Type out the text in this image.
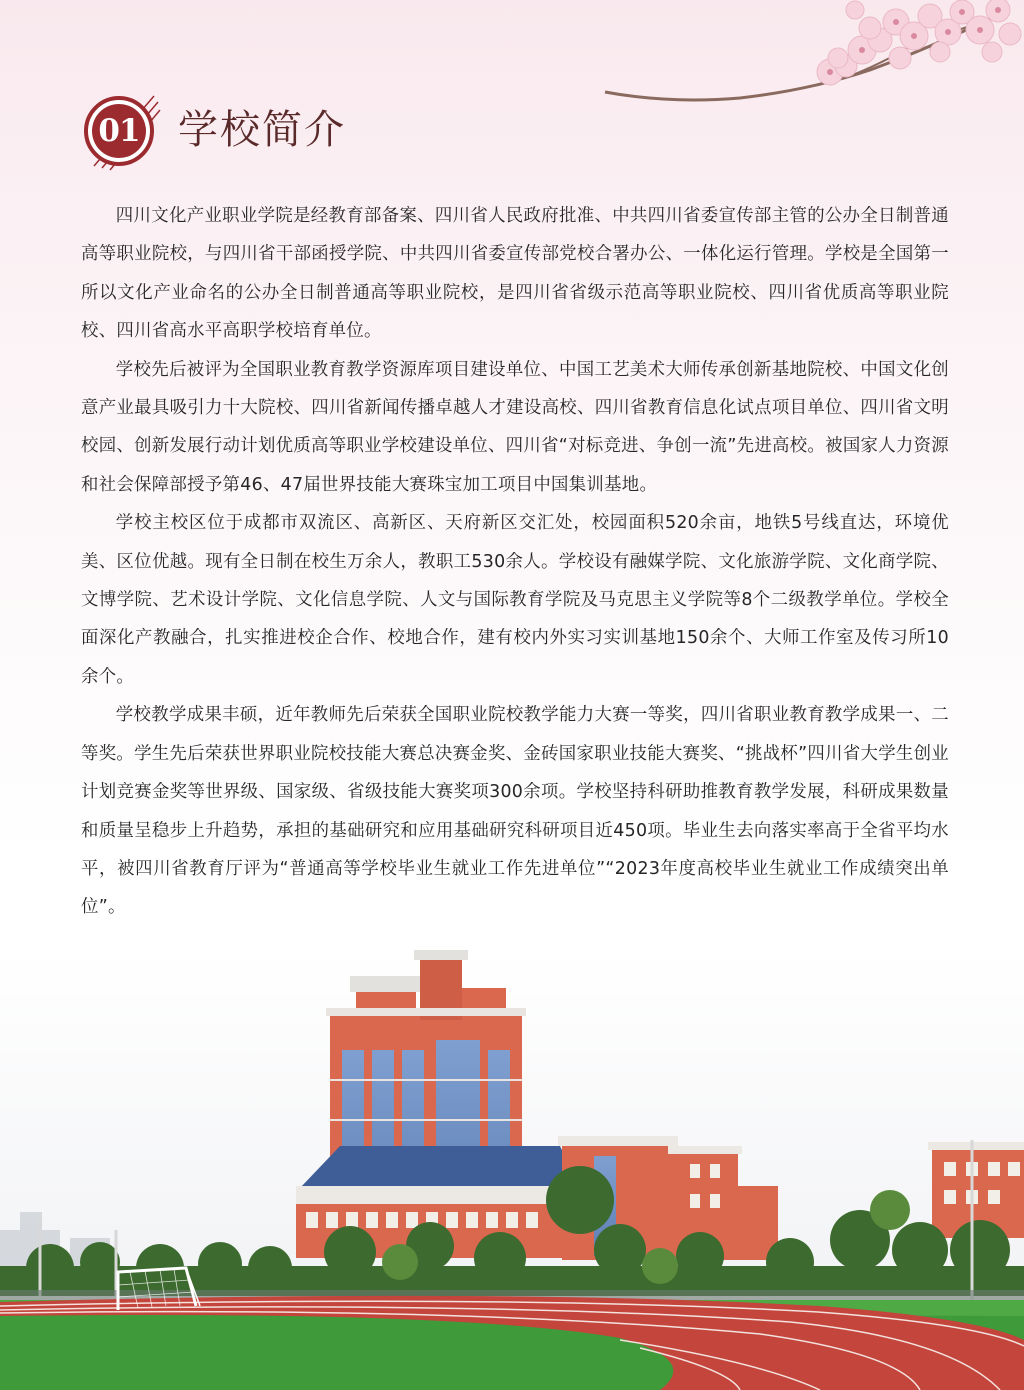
01 学校简介

四川文化产业职业学院是经教育部备案、四川省人民政府批准、中共四川省委宣传部主管的公办全日制普通高等职业院校，与四川省干部函授学院、中共四川省委宣传部党校合署办公、一体化运行管理。学校是全国第一所以文化产业命名的公办全日制普通高等职业院校，是四川省省级示范高等职业院校、四川省优质高等职业院校、四川省高水平高职学校培育单位。

学校先后被评为全国职业教育教学资源库项目建设单位、中国工艺美术大师传承创新基地院校、中国文化创意产业最具吸引力十大院校、四川省新闻传播卓越人才建设高校、四川省教育信息化试点项目单位、四川省文明校园、创新发展行动计划优质高等职业学校建设单位、四川省“对标竞进、争创一流”先进高校。被国家人力资源和社会保障部授予第46、47届世界技能大赛珠宝加工项目中国集训基地。

学校主校区位于成都市双流区、高新区、天府新区交汇处，校园面积520余亩，地铁5号线直达，环境优美、区位优越。现有全日制在校生万余人，教职工530余人。学校设有融媒学院、文化旅游学院、文化商学院、文博学院、艺术设计学院、文化信息学院、人文与国际教育学院及马克思主义学院等8个二级教学单位。学校全面深化产教融合，扎实推进校企合作、校地合作，建有校内外实习实训基地150余个、大师工作室及传习所10余个。

学校教学成果丰硕，近年教师先后荣获全国职业院校教学能力大赛一等奖，四川省职业教育教学成果一、二等奖。学生先后荣获世界职业院校技能大赛总决赛金奖、金砖国家职业技能大赛奖、“挑战杯”四川省大学生创业计划竞赛金奖等世界级、国家级、省级技能大赛奖项300余项。学校坚持科研助推教育教学发展，科研成果数量和质量呈稳步上升趋势，承担的基础研究和应用基础研究科研项目近450项。毕业生去向落实率高于全省平均水平，被四川省教育厅评为“普通高等学校毕业生就业工作先进单位”“2023年度高校毕业生就业工作成绩突出单位”。
